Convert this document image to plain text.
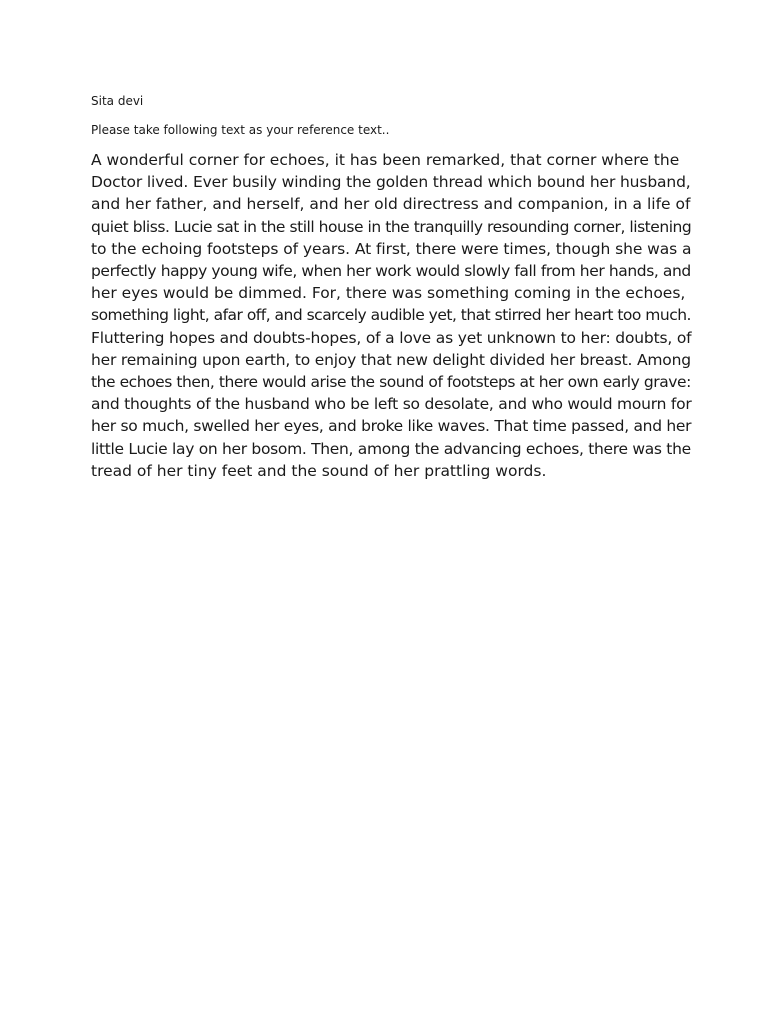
Sita devi
Please take following text as your reference text..
A wonderful corner for echoes, it has been remarked, that corner where the
Doctor lived. Ever busily winding the golden thread which bound her husband,
and her father, and herself, and her old directress and companion, in a life of
quiet bliss. Lucie sat in the still house in the tranquilly resounding corner, listening
to the echoing footsteps of years. At first, there were times, though she was a
perfectly happy young wife, when her work would slowly fall from her hands, and
her eyes would be dimmed. For, there was something coming in the echoes,
something light, afar off, and scarcely audible yet, that stirred her heart too much.
Fluttering hopes and doubts-hopes, of a love as yet unknown to her: doubts, of
her remaining upon earth, to enjoy that new delight divided her breast. Among
the echoes then, there would arise the sound of footsteps at her own early grave:
and thoughts of the husband who be left so desolate, and who would mourn for
her so much, swelled her eyes, and broke like waves. That time passed, and her
little Lucie lay on her bosom. Then, among the advancing echoes, there was the
tread of her tiny feet and the sound of her prattling words.
